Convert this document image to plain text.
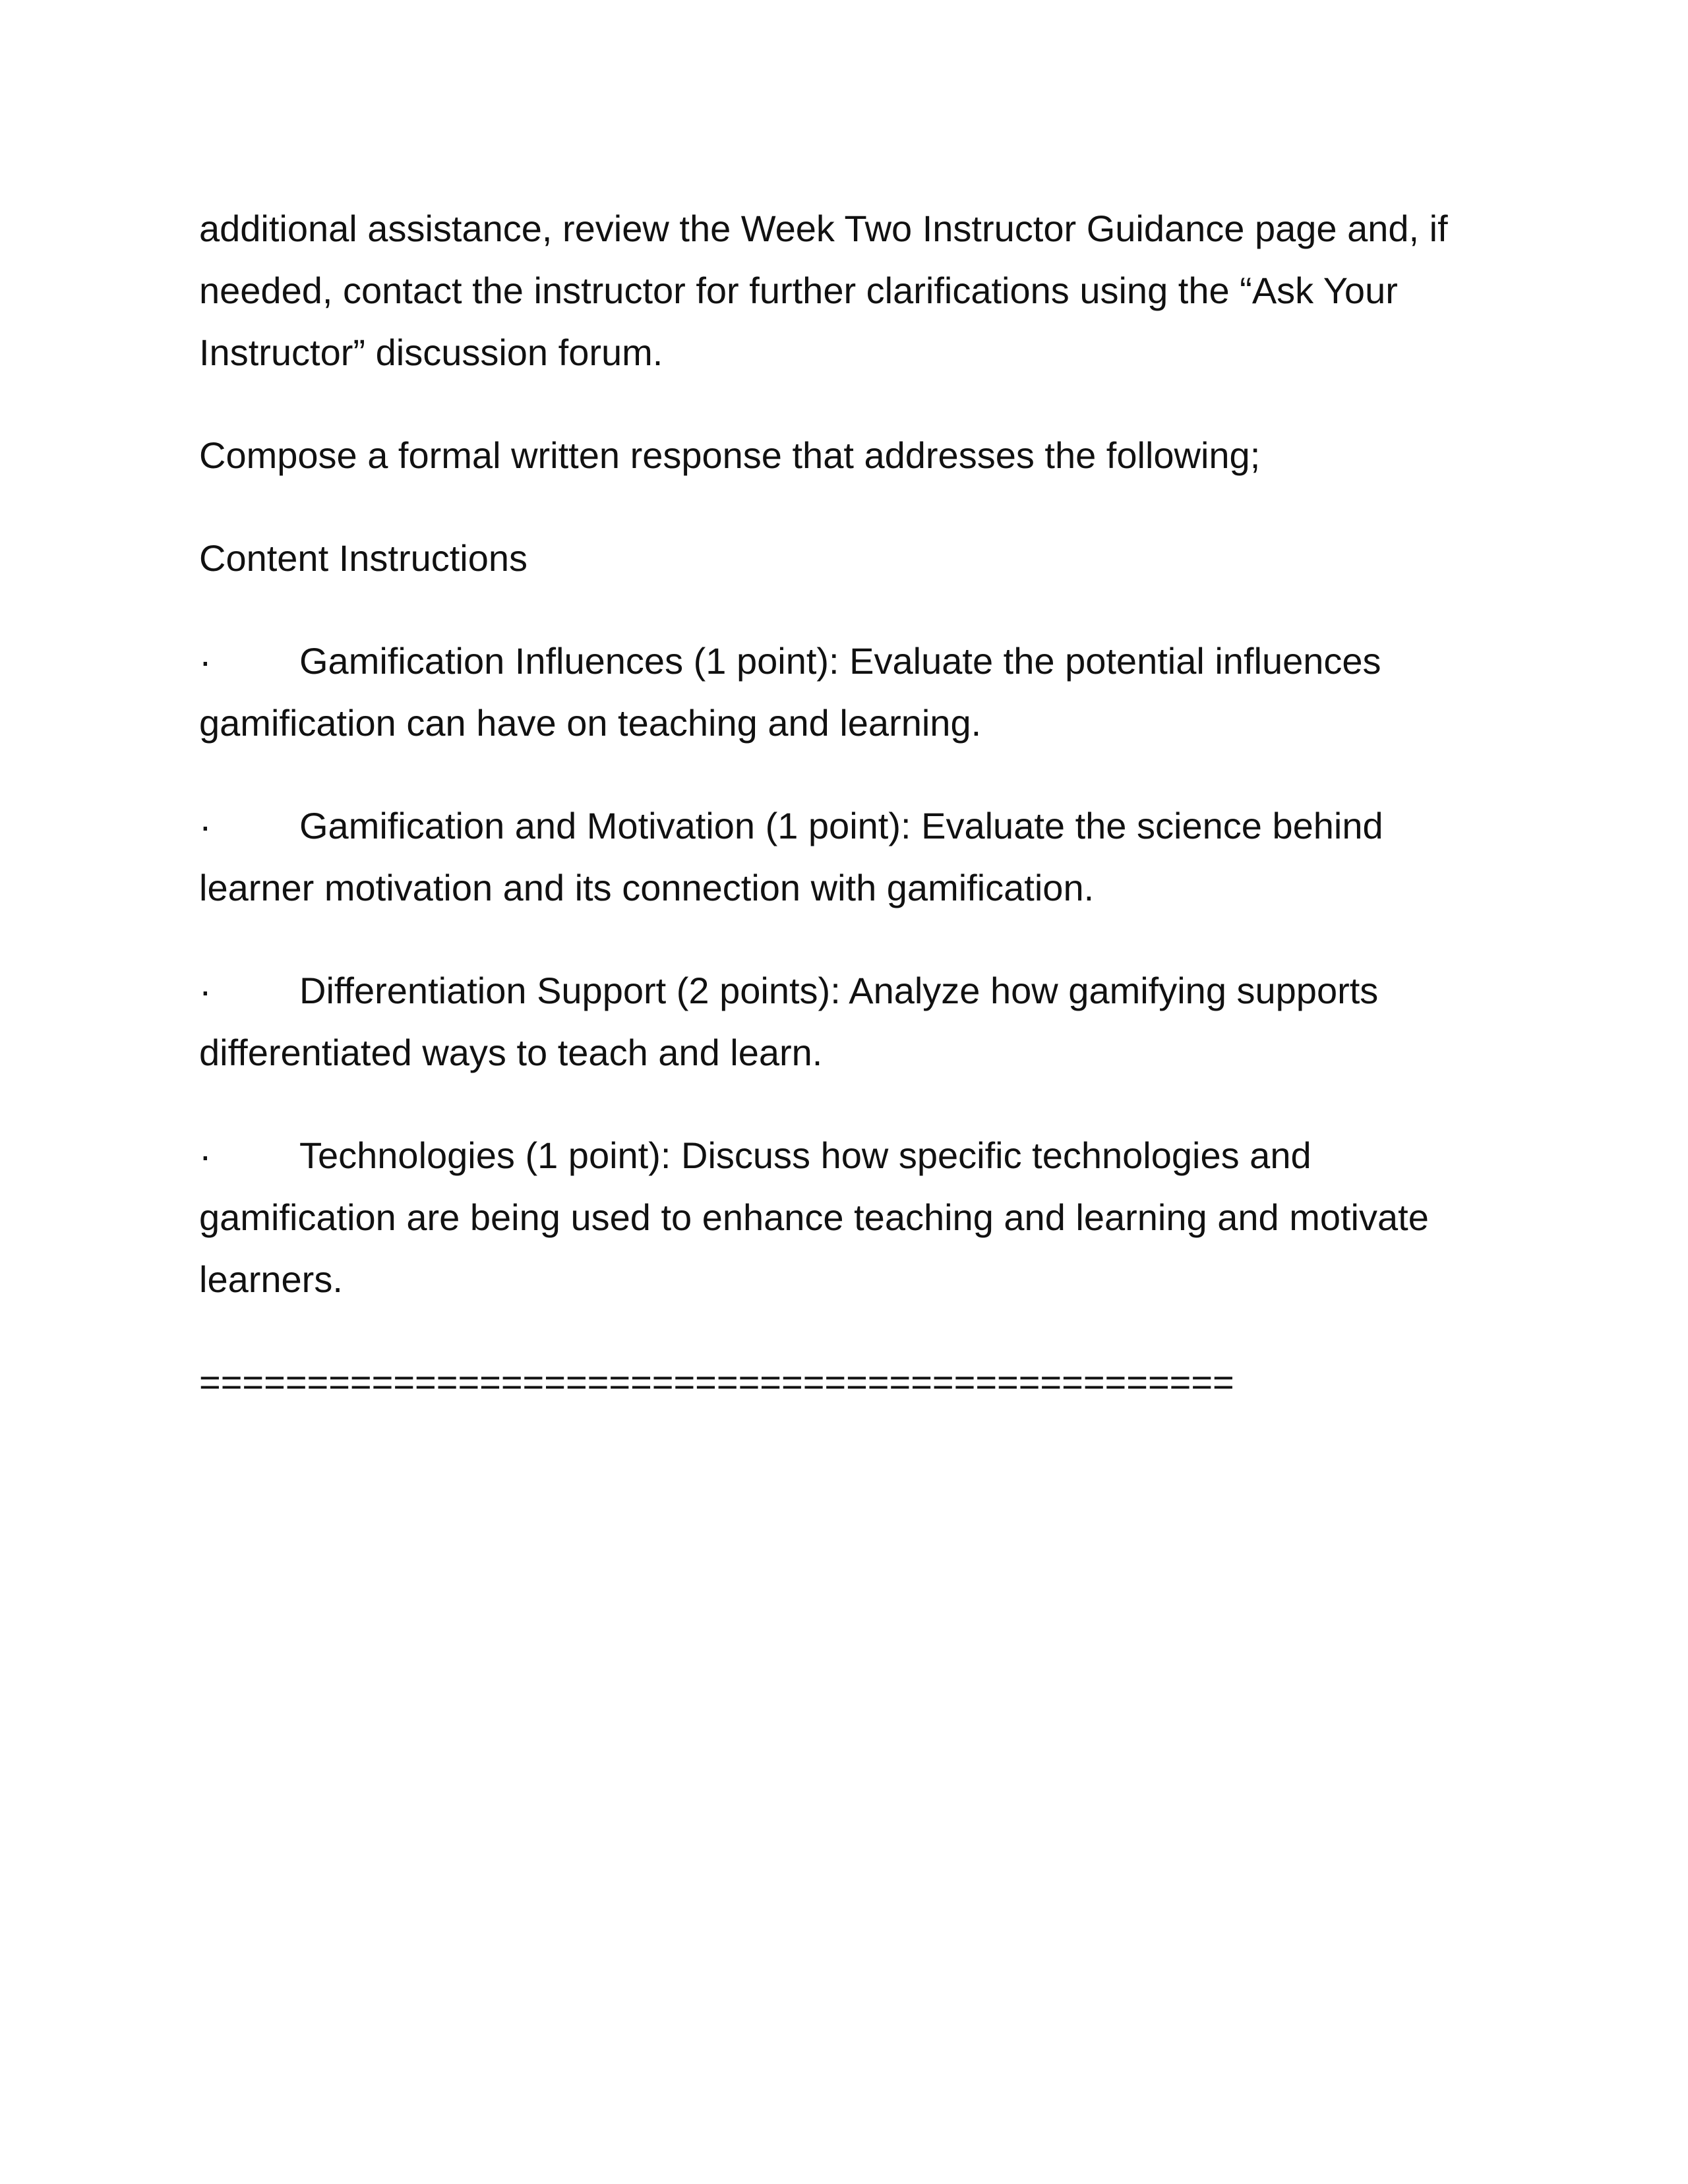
additional assistance, review the Week Two Instructor Guidance page and, if needed, contact the instructor for further clarifications using the “Ask Your Instructor” discussion forum.

Compose a formal written response that addresses the following;

Content Instructions

· Gamification Influences (1 point): Evaluate the potential influences gamification can have on teaching and learning.

· Gamification and Motivation (1 point): Evaluate the science behind learner motivation and its connection with gamification.

· Differentiation Support (2 points): Analyze how gamifying supports differentiated ways to teach and learn.

· Technologies (1 point): Discuss how specific technologies and gamification are being used to enhance teaching and learning and motivate learners.

================================================
